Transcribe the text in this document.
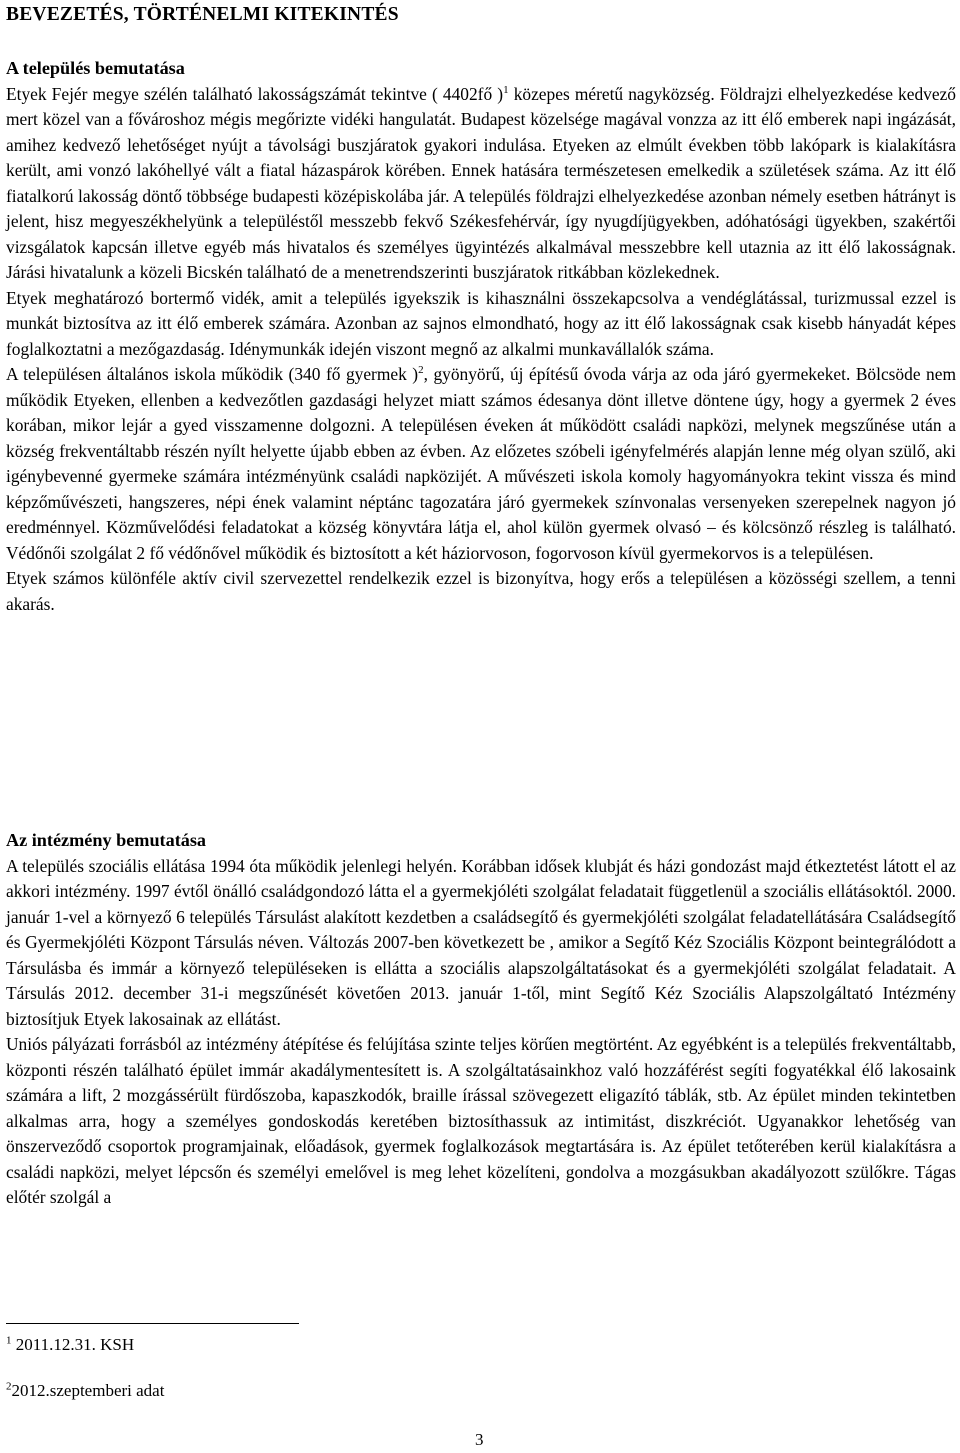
BEVEZETÉS, TÖRTÉNELMI KITEKINTÉS
A település bemutatása

Etyek Fejér megye szélén található lakosságszámát tekintve ( 4402fő )$^1$ közepes méretű nagyközség. Földrajzi elhelyezkedése kedvező mert közel van a fővároshoz mégis megőrizte vidéki hangulatát. Budapest közelsége magával vonzza az itt élő emberek napi ingázását, amihez kedvező lehetőséget nyújt a távolsági buszjáratok gyakori indulása. Etyeken az elmúlt években több lakópark is kialakításra került, ami vonzó lakóhellyé vált a fiatal házaspárok körében. Ennek hatására természetesen emelkedik a születések száma. Az itt élő fiatalkorú lakosság döntő többsége budapesti középiskolába jár. A település földrajzi elhelyezkedése azonban némely esetben hátrányt is jelent, hisz megyeszékhelyünk a településtől messzebb fekvő Székesfehérvár, így nyugdíjügyekben, adóhatósági ügyekben, szakértői vizsgálatok kapcsán illetve egyéb más hivatalos és személyes ügyintézés alkalmával messzebbre kell utaznia az itt élő lakosságnak. Járási hivatalunk a közeli Bicskén található de a menetrendszerinti buszjáratok ritkábban közlekednek.

Etyek meghatározó bortermő vidék, amit a település igyekszik is kihasználni összekapcsolva a vendéglátással, turizmussal ezzel is munkát biztosítva az itt élő emberek számára. Azonban az sajnos elmondható, hogy az itt élő lakosságnak csak kisebb hányadát képes foglalkoztatni a mezőgazdaság. Idénymunkák idején viszont megnő az alkalmi munkavállalók száma.

A településen általános iskola működik (340 fő gyermek )$^2$, gyönyörű, új építésű óvoda várja az oda járó gyermekeket. Bölcsöde nem működik Etyeken, ellenben a kedvezőtlen gazdasági helyzet miatt számos édesanya dönt illetve döntene úgy, hogy a gyermek 2 éves korában, mikor lejár a gyed visszamenne dolgozni. A településen éveken át működött családi napközi, melynek megszűnése után a község frekventáltabb részén nyílt helyette újabb ebben az évben. Az előzetes szóbeli igényfelmérés alapján lenne még olyan szülő, aki igénybevenné gyermeke számára intézményünk családi napközijét. A művészeti iskola komoly hagyományokra tekint vissza és mind képzőművészeti, hangszeres, népi ének valamint néptánc tagozatára járó gyermekek színvonalas versenyeken szerepelnek nagyon jó eredménnyel. Közművelődési feladatokat a község könyvtára látja el, ahol külön gyermek olvasó – és kölcsönző részleg is található. Védőnői szolgálat 2 fő védőnővel működik és biztosított a két háziorvoson, fogorvoson kívül gyermekorvos is a településen.

Etyek számos különféle aktív civil szervezettel rendelkezik ezzel is bizonyítva, hogy erős a településen a közösségi szellem, a tenni akarás.

Az intézmény bemutatása

A település szociális ellátása 1994 óta működik jelenlegi helyén. Korábban idősek klubját és házi gondozást majd étkeztetést látott el az akkori intézmény. 1997 évtől önálló családgondozó látta el a gyermekjóléti szolgálat feladatait függetlenül a szociális ellátásoktól. 2000. január 1-vel a környező 6 település Társulást alakított kezdetben a családsegítő és gyermekjóléti szolgálat feladatellátására Családsegítő és Gyermekjóléti Központ Társulás néven. Változás 2007-ben következett be , amikor a Segítő Kéz Szociális Központ beintegrálódott a Társulásba és immár a környező településeken is ellátta a szociális alapszolgáltatásokat és a gyermekjóléti szolgálat feladatait. A Társulás 2012. december 31-i megszűnését követően 2013. január 1-től, mint Segítő Kéz Szociális Alapszolgáltató Intézmény biztosítjuk Etyek lakosainak az ellátást.

Uniós pályázati forrásból az intézmény átépítése és felújítása szinte teljes körűen megtörtént. Az egyébként is a település frekventáltabb, központi részén található épület immár akadálymentesített is. A szolgáltatásainkhoz való hozzáférést segíti fogyatékkal élő lakosaink számára a lift, 2 mozgássérült fürdőszoba, kapaszkodók, braille írással szövegezett eligazító táblák, stb. Az épület minden tekintetben alkalmas arra, hogy a személyes gondoskodás keretében biztosíthassuk az intimitást, diszkréciót. Ugyanakkor lehetőség van önszerveződő csoportok programjainak, előadások, gyermek foglalkozások megtartására is. Az épület tetőterében kerül kialakításra a családi napközi, melyet lépcsőn és személyi emelővel is meg lehet közelíteni, gondolva a mozgásukban akadályozott szülőkre. Tágas előtér szolgál a

$^1$ 2011.12.31. KSH
$^2$2012.szeptemberi adat
3
